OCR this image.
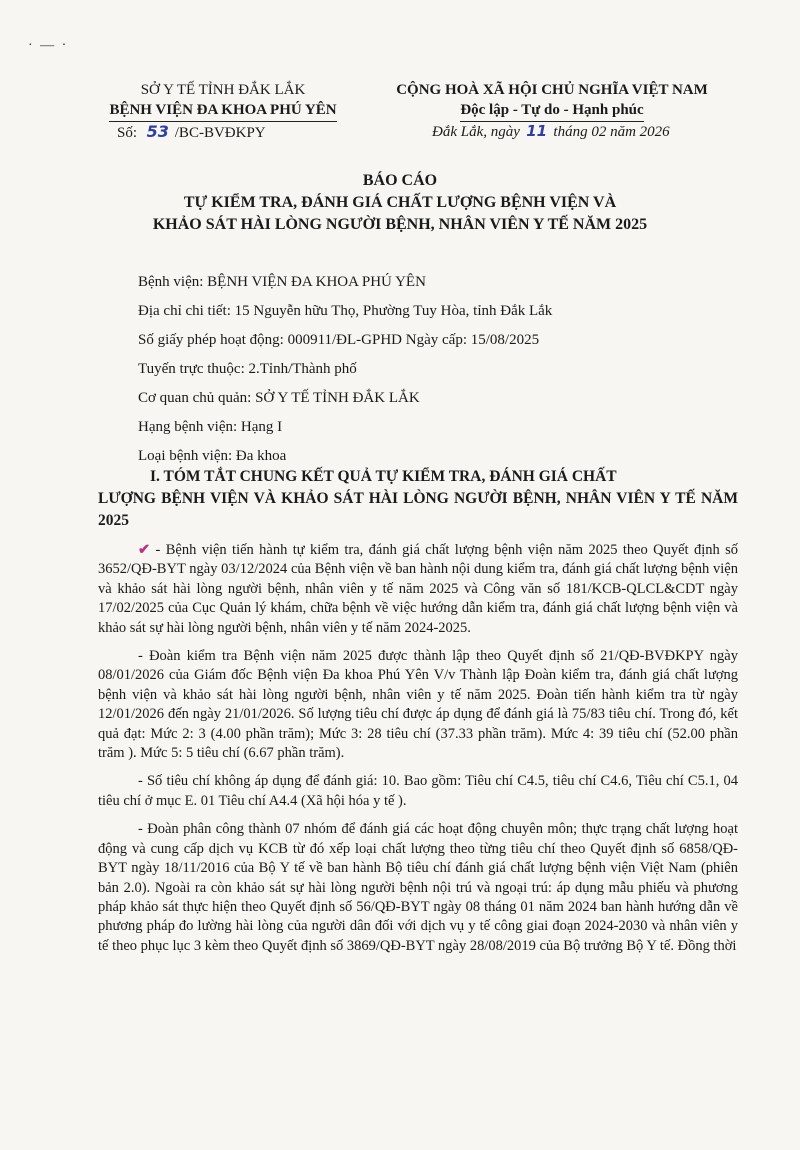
· — ·
SỞ Y TẾ TỈNH ĐẮK LẮK
BỆNH VIỆN ĐA KHOA PHÚ YÊN
CỘNG HOÀ XÃ HỘI CHỦ NGHĨA VIỆT NAM
Độc lập - Tự do - Hạnh phúc
Số: 53 /BC-BVĐKPY	Đắk Lắk, ngày 11 tháng 02 năm 2026
BÁO CÁO
TỰ KIỂM TRA, ĐÁNH GIÁ CHẤT LƯỢNG BỆNH VIỆN VÀ
KHẢO SÁT HÀI LÒNG NGƯỜI BỆNH, NHÂN VIÊN Y TẾ NĂM 2025
Bệnh viện: BỆNH VIỆN ĐA KHOA PHÚ YÊN
Địa chỉ chi tiết: 15 Nguyễn hữu Thọ, Phường Tuy Hòa, tỉnh Đắk Lắk
Số giấy phép hoạt động: 000911/ĐL-GPHD Ngày cấp: 15/08/2025
Tuyến trực thuộc: 2.Tỉnh/Thành phố
Cơ quan chủ quản: SỞ Y TẾ TỈNH ĐẮK LẮK
Hạng bệnh viện: Hạng I
Loại bệnh viện: Đa khoa
I. TÓM TẮT CHUNG KẾT QUẢ TỰ KIỂM TRA, ĐÁNH GIÁ CHẤT
LƯỢNG BỆNH VIỆN VÀ KHẢO SÁT HÀI LÒNG NGƯỜI BỆNH, NHÂN VIÊN Y TẾ NĂM 2025

✔ - Bệnh viện tiến hành tự kiểm tra, đánh giá chất lượng bệnh viện năm 2025 theo Quyết định số 3652/QĐ-BYT ngày 03/12/2024 của Bệnh viện về ban hành nội dung kiểm tra, đánh giá chất lượng bệnh viện và khảo sát hài lòng người bệnh, nhân viên y tế năm 2025 và Công văn số 181/KCB-QLCL&CDT ngày 17/02/2025 của Cục Quản lý khám, chữa bệnh về việc hướng dẫn kiểm tra, đánh giá chất lượng bệnh viện và khảo sát sự hài lòng người bệnh, nhân viên y tế năm 2024-2025.

- Đoàn kiểm tra Bệnh viện năm 2025 được thành lập theo Quyết định số 21/QĐ-BVĐKPY ngày 08/01/2026 của Giám đốc Bệnh viện Đa khoa Phú Yên V/v Thành lập Đoàn kiểm tra, đánh giá chất lượng bệnh viện và khảo sát hài lòng người bệnh, nhân viên y tế năm 2025. Đoàn tiến hành kiểm tra từ ngày 12/01/2026 đến ngày 21/01/2026. Số lượng tiêu chí được áp dụng để đánh giá là 75/83 tiêu chí. Trong đó, kết quả đạt: Mức 2: 3 (4.00 phần trăm); Mức 3: 28 tiêu chí (37.33 phần trăm). Mức 4: 39 tiêu chí (52.00 phần trăm ). Mức 5: 5 tiêu chí (6.67 phần trăm).

- Số tiêu chí không áp dụng để đánh giá: 10. Bao gồm: Tiêu chí C4.5, tiêu chí C4.6, Tiêu chí C5.1, 04 tiêu chí ở mục E. 01 Tiêu chí A4.4 (Xã hội hóa y tế ).

- Đoàn phân công thành 07 nhóm để đánh giá các hoạt động chuyên môn; thực trạng chất lượng hoạt động và cung cấp dịch vụ KCB từ đó xếp loại chất lượng theo từng tiêu chí theo Quyết định số 6858/QĐ-BYT ngày 18/11/2016 của Bộ Y tế về ban hành Bộ tiêu chí đánh giá chất lượng bệnh viện Việt Nam (phiên bản 2.0). Ngoài ra còn khảo sát sự hài lòng người bệnh nội trú và ngoại trú: áp dụng mẫu phiếu và phương pháp khảo sát thực hiện theo Quyết định số 56/QĐ-BYT ngày 08 tháng 01 năm 2024 ban hành hướng dẫn về phương pháp đo lường hài lòng của người dân đối với dịch vụ y tế công giai đoạn 2024-2030 và nhân viên y tế theo phục lục 3 kèm theo Quyết định số 3869/QĐ-BYT ngày 28/08/2019 của Bộ trưởng Bộ Y tế. Đồng thời
